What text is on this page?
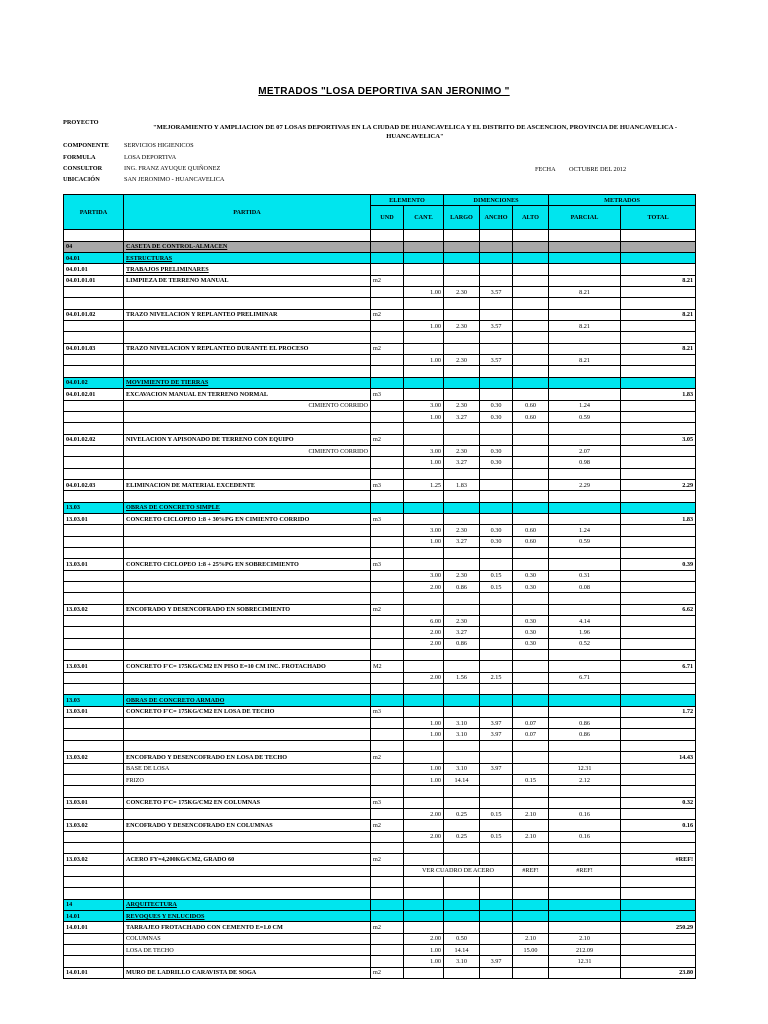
METRADOS "LOSA DEPORTIVA SAN JERONIMO "
PROYECTO
"MEJORAMIENTO Y AMPLIACION DE 07 LOSAS DEPORTIVAS EN LA CIUDAD DE HUANCAVELICA Y EL DISTRITO DE ASCENCION, PROVINCIA DE HUANCAVELICA - HUANCAVELICA"
COMPONENTE SERVICIOS HIGIENICOS
FORMULA	LOSA DEPORTIVA
CONSULTOR	ING. FRANZ AYUQUE QUIÑONEZ	FECHA OCTUBRE DEL 2012
UBICACIÓN	SAN JERONIMO - HUANCAVELICA
PARTIDA	PARTIDA	ELEMENTO		DIMENCIONES			METRADOS	
		UND	CANT.	LARGO	ANCHO	ALTO	PARCIAL	TOTAL

04	CASETA DE CONTROL-ALMACEN							
04.01	ESTRUCTURAS							
04.01.01	TRABAJOS PRELIMINARES							
04.01.01.01	LIMPIEZA DE TERRENO MANUAL	m2						8.21
			1.00	2.30	3.57		8.21	

04.01.01.02	TRAZO NIVELACION Y REPLANTEO PRELIMINAR	m2						8.21
			1.00	2.30	3.57		8.21	

04.01.01.03	TRAZO NIVELACION Y REPLANTEO DURANTE EL PROCESO	m2						8.21
			1.00	2.30	3.57		8.21	

04.01.02	MOVIMIENTO DE TIERRAS							
04.01.02.01	EXCAVACION MANUAL EN TERRENO NORMAL	m3						1.83
	CIMIENTO CORRIDO		3.00	2.30	0.30	0.60	1.24	
			1.00	3.27	0.30	0.60	0.59	

04.01.02.02	NIVELACION Y APISONADO DE TERRENO CON EQUIPO	m2						3.05
	CIMIENTO CORRIDO		3.00	2.30	0.30		2.07	
			1.00	3.27	0.30		0.98	

04.01.02.03	ELIMINACION DE MATERIAL EXCEDENTE	m3	1.25	1.83			2.29	2.29

13.03	OBRAS DE CONCRETO SIMPLE							
13.03.01	CONCRETO CICLOPEO 1:8 + 30%PG EN CIMIENTO CORRIDO	m3						1.83
			3.00	2.30	0.30	0.60	1.24	
			1.00	3.27	0.30	0.60	0.59	

13.03.01	CONCRETO CICLOPEO 1:8 + 25%PG EN SOBRECIMIENTO	m3						0.39
			3.00	2.30	0.15	0.30	0.31	
			2.00	0.86	0.15	0.30	0.08	

13.03.02	ENCOFRADO Y DESENCOFRADO EN SOBRECIMIENTO	m2						6.62
			6.00	2.30		0.30	4.14	
			2.00	3.27		0.30	1.96	
			2.00	0.86		0.30	0.52	

13.03.01	CONCRETO F'C= 175KG/CM2 EN PISO E=10 CM INC. FROTACHADO	M2						6.71
			2.00	1.56	2.15		6.71	

13.03	OBRAS DE CONCRETO ARMADO							
13.03.01	CONCRETO F'C= 175KG/CM2 EN LOSA DE TECHO	m3						1.72
			1.00	3.10	3.97	0.07	0.86	
			1.00	3.10	3.97	0.07	0.86	

13.03.02	ENCOFRADO Y DESENCOFRADO EN LOSA DE TECHO	m2						14.43
	BASE DE LOSA		1.00	3.10	3.97		12.31	
	FRIZO		1.00	14.14		0.15	2.12	

13.03.01	CONCRETO F'C= 175KG/CM2 EN COLUMNAS	m3						0.32
			2.00	0.25	0.15	2.10	0.16	
13.03.02	ENCOFRADO Y DESENCOFRADO EN COLUMNAS	m2						0.16
			2.00	0.25	0.15	2.10	0.16	

13.03.02	ACERO FY=4,200KG/CM2, GRADO 60	m2						#REF!
			VER CUADRO DE ACERO			#REF!	#REF!	

14	ARQUITECTURA							
14.01	REVOQUES Y ENLUCIDOS							
14.01.01	TARRAJEO FROTACHADO CON CEMENTO E=1.0 CM	m2						250.29
	COLUMNAS		2.00	0.50		2.10	2.10	
	LOSA DE TECHO		1.00	14.14		15.00	212.09	
			1.00	3.10	3.97		12.31	
14.01.01	MURO DE LADRILLO CARAVISTA DE SOGA	m2						23.80
